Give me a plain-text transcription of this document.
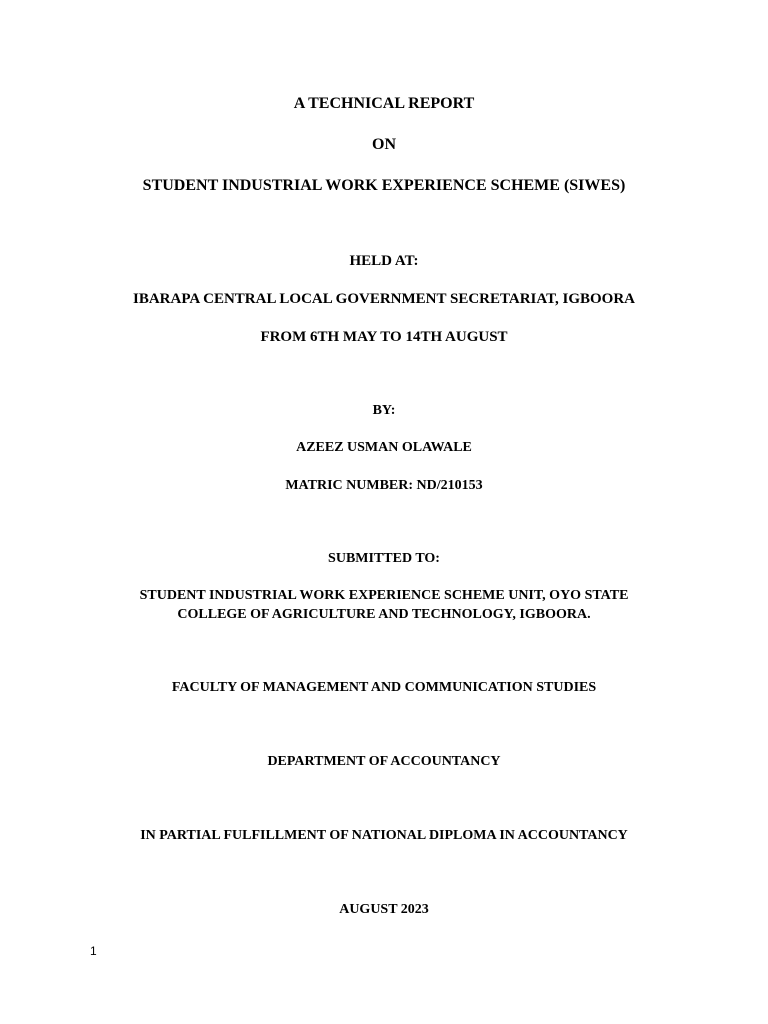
A TECHNICAL REPORT
ON
STUDENT INDUSTRIAL WORK EXPERIENCE SCHEME (SIWES)
HELD AT:
IBARAPA CENTRAL LOCAL GOVERNMENT SECRETARIAT, IGBOORA
FROM 6TH MAY TO 14TH AUGUST
BY:
AZEEZ USMAN OLAWALE
MATRIC NUMBER: ND/210153
SUBMITTED TO:
STUDENT INDUSTRIAL WORK EXPERIENCE SCHEME UNIT, OYO STATE
COLLEGE OF AGRICULTURE AND TECHNOLOGY, IGBOORA.
FACULTY OF MANAGEMENT AND COMMUNICATION STUDIES
DEPARTMENT OF ACCOUNTANCY
IN PARTIAL FULFILLMENT OF NATIONAL DIPLOMA IN ACCOUNTANCY
AUGUST 2023
1
